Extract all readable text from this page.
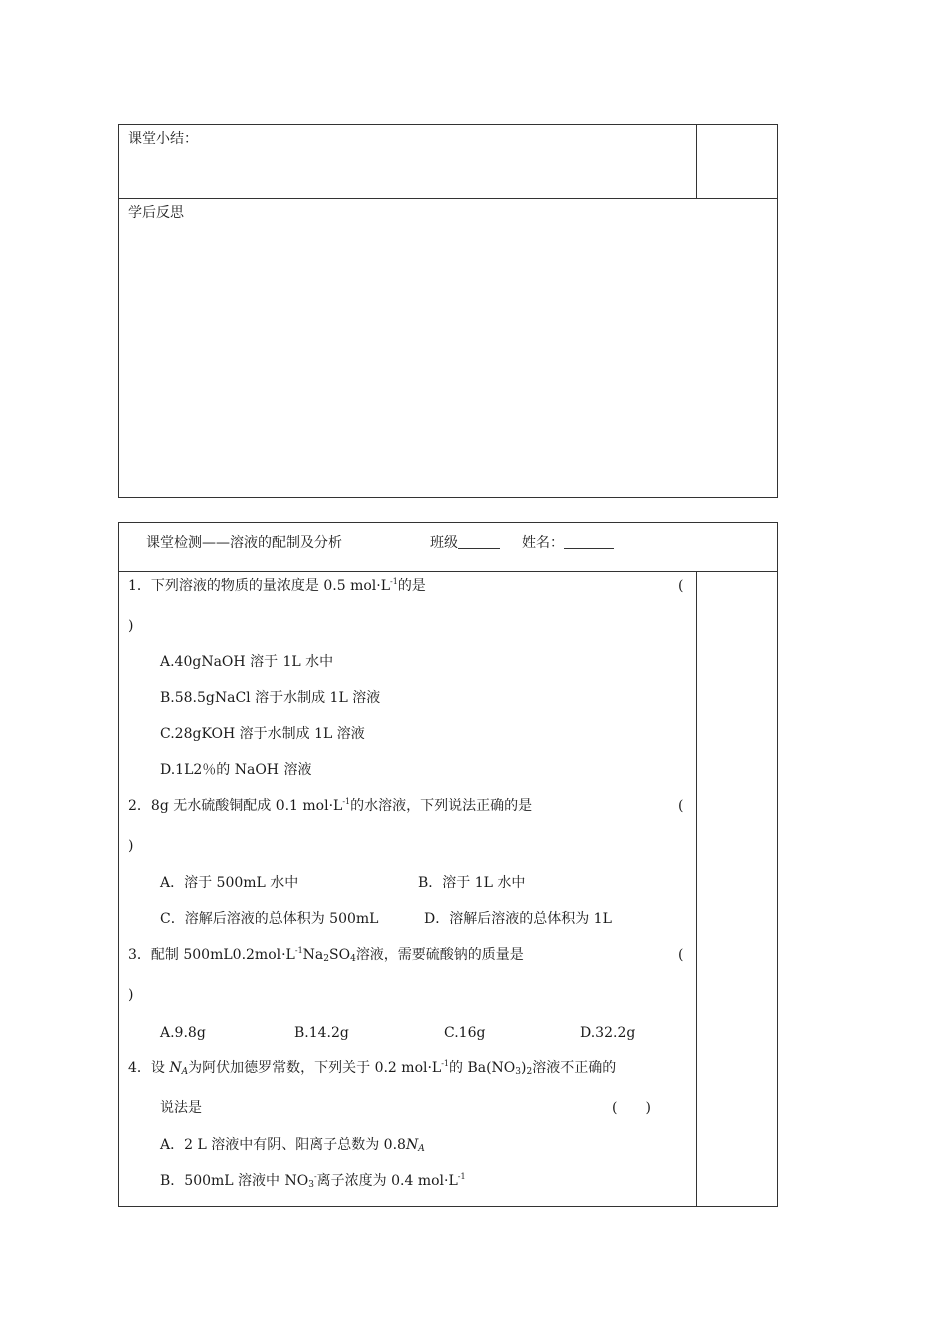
课堂小结：
学后反思
课堂检测——溶液的配制及分析	班级	姓名：
1．下列溶液的物质的量浓度是 0.5 $mol\cdot L^{-1}$的是	(
)
A.40gNaOH 溶于 1L 水中
B.58.5gNaCl 溶于水制成 1L 溶液
C.28gKOH 溶于水制成 1L 溶液
D.1L2％的 NaOH 溶液
2．8g 无水硫酸铜配成 0.1 $mol\cdot L^{-1}$的水溶液，下列说法正确的是	(
)
A．溶于 500mL 水中	B．溶于 1L 水中
C．溶解后溶液的总体积为 500mL	D．溶解后溶液的总体积为 1L
3．配制 $500mL0.2mol\cdot L^{-1}Na_2SO_4$溶液，需要硫酸钠的质量是	(
)
A.9.8g	B.14.2g	C.16g	D.32.2g
4．设 $N_A$为阿伏加德罗常数，下列关于 0.2 $mol\cdot L^{-1}$的 $Ba(NO_3)_2$溶液不正确的
说法是	(　　)
A．2 L 溶液中有阴、阳离子总数为 $0.8N_A$
B．500mL 溶液中 $NO_3^-$离子浓度为 0.4 $mol\cdot L^{-1}$
